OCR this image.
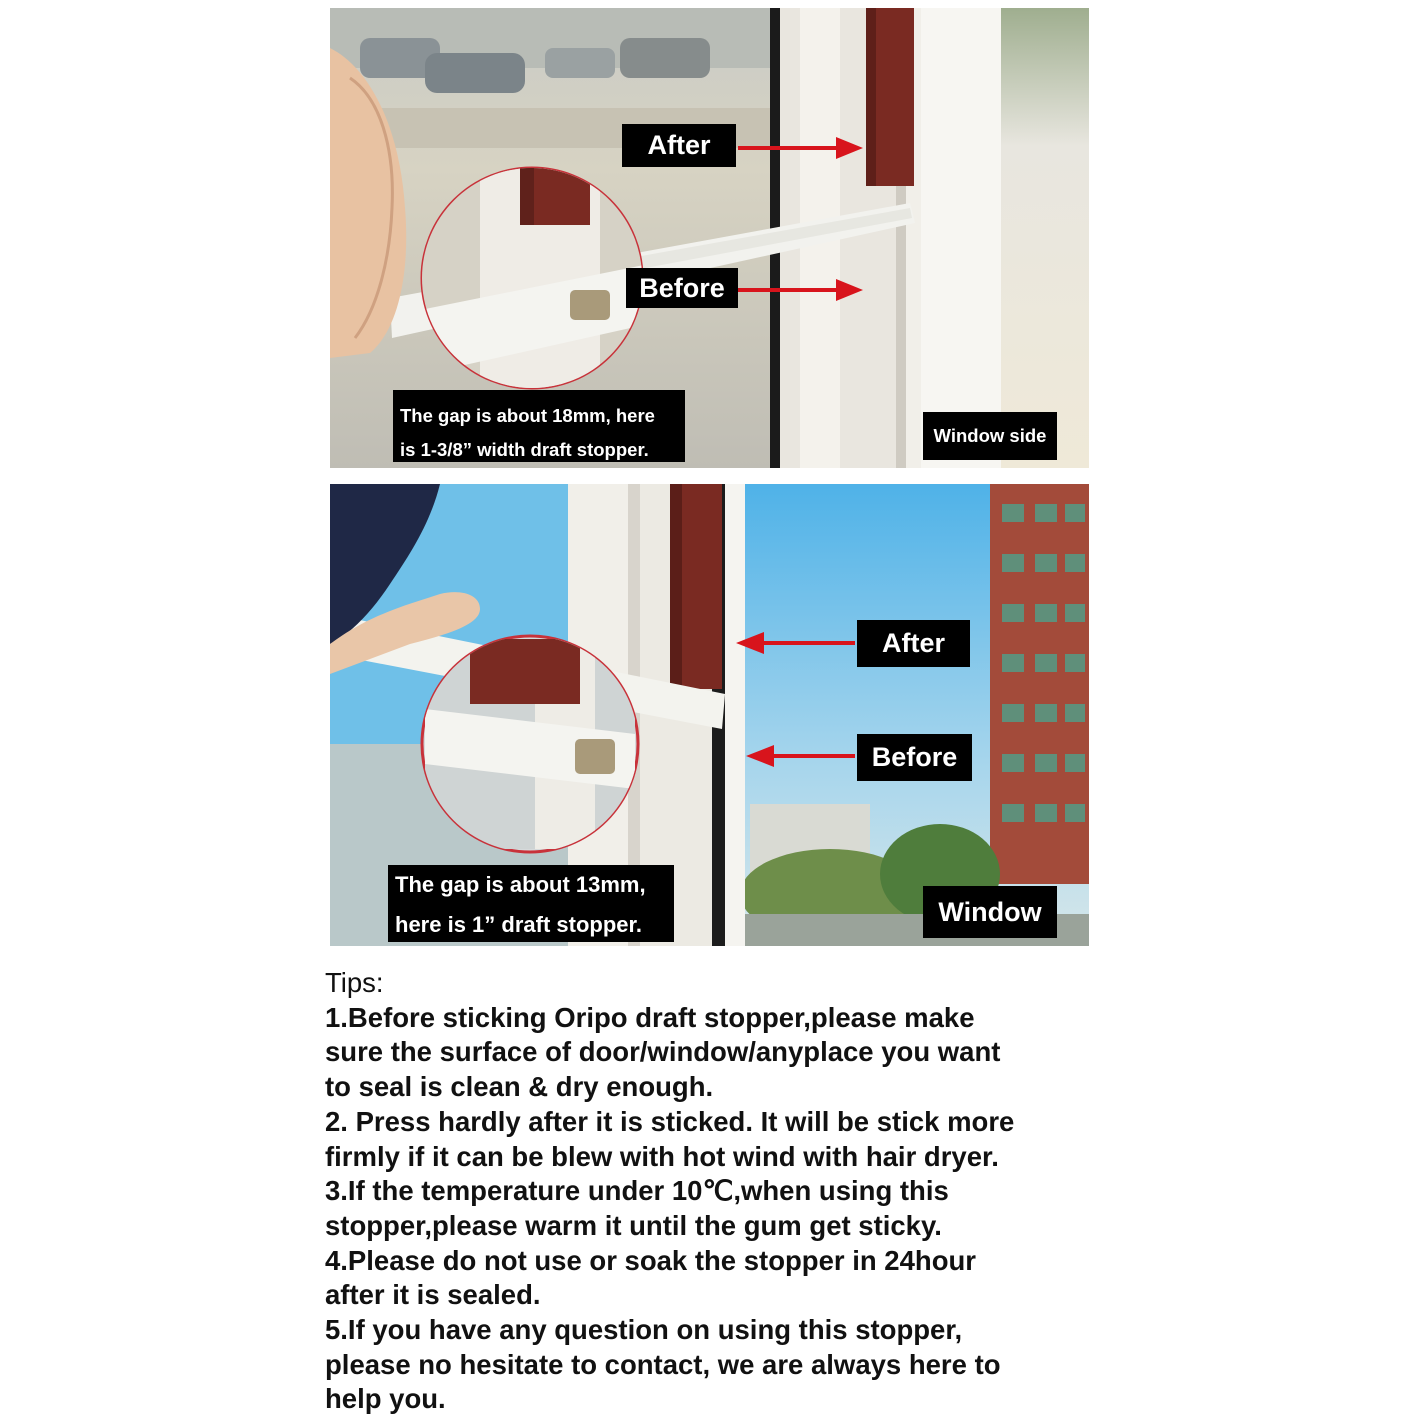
After
Before
The gap is about 18mm, here
is 1-3/8” width draft stopper.
Window side
After
Before
The gap is about 13mm,
here is 1” draft stopper.	Window
Tips:
1.Before sticking Oripo draft stopper,please make
sure the surface of door/window/anyplace you want
to seal is clean & dry enough.
2. Press hardly after it is sticked. It will be stick more
firmly if it can be blew with hot wind with hair dryer.
3.If the temperature under 10℃,when using this
stopper,please warm it until the gum get sticky.
4.Please do not use or soak the stopper in 24hour
after it is sealed.
5.If you have any question on using this stopper,
please no hesitate to contact, we are always here to
help you.
